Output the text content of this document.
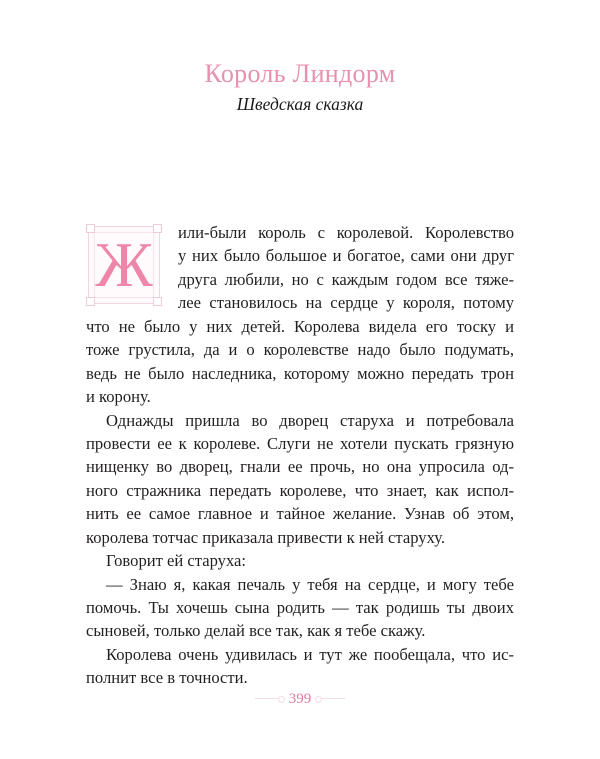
Король Линдорм
Шведская сказка
Ж	или-были король с королевой. Королевство
у них было большое и богатое, сами они друг
друга любили, но с каждым годом все тяже-
лее становилось на сердце у короля, потому
что не было у них детей. Королева видела его тоску и
тоже грустила, да и о королевстве надо было подумать,
ведь не было наследника, которому можно передать трон
и корону.
Однажды пришла во дворец старуха и потребовала
провести ее к королеве. Слуги не хотели пускать грязную
нищенку во дворец, гнали ее прочь, но она упросила од-
ного стражника передать королеве, что знает, как испол-
нить ее самое главное и тайное желание. Узнав об этом,
королева тотчас приказала привести к ней старуху.
Говорит ей старуха:
— Знаю я, какая печаль у тебя на сердце, и могу тебе
помочь. Ты хочешь сына родить — так родишь ты двоих
сыновей, только делай все так, как я тебе скажу.
Королева очень удивилась и тут же пообещала, что ис-
полнит все в точности.
399
